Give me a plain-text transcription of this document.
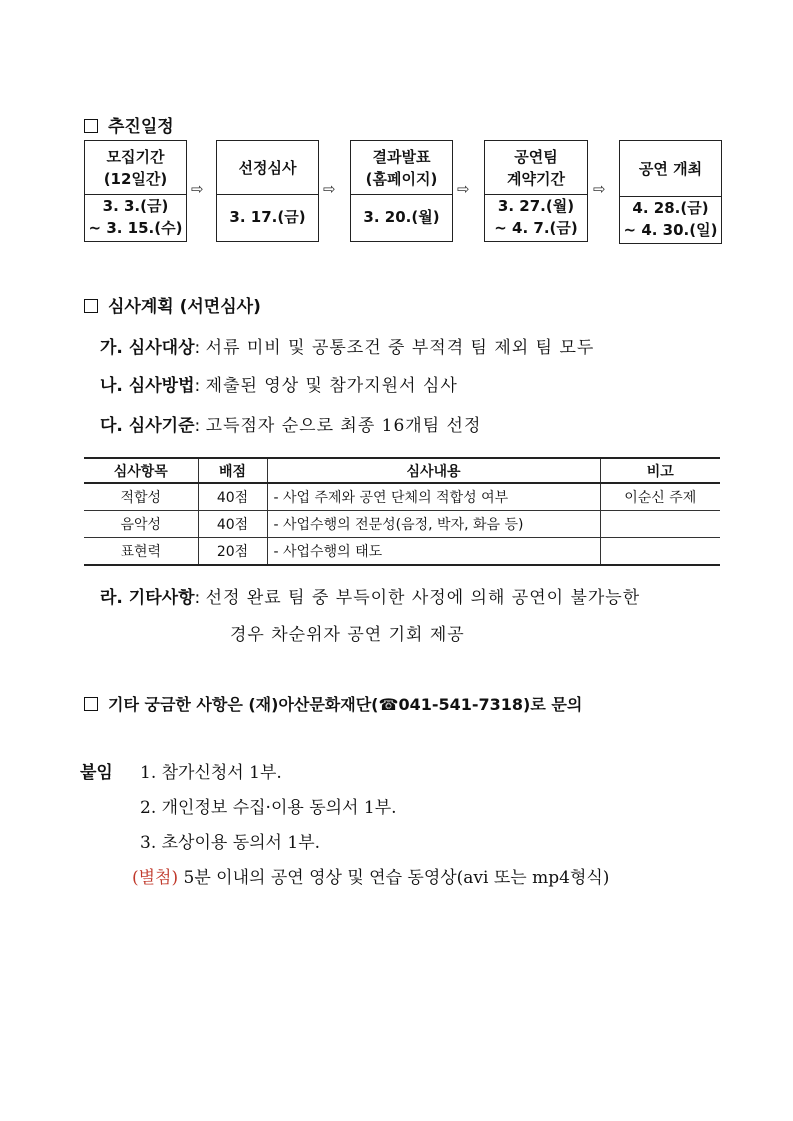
추진일정
모집기간
(12일간)
3. 3.(금)
~ 3. 15.(수)
⇨
선정심사
3. 17.(금)
⇨
결과발표
(홈페이지)
3. 20.(월)
⇨
공연팀
계약기간
3. 27.(월)
~ 4. 7.(금)
⇨
공연 개최
4. 28.(금)
~ 4. 30.(일)
심사계획 (서면심사)
가. 심사대상: 서류 미비 및 공통조건 중 부적격 팀 제외 팀 모두
나. 심사방법: 제출된 영상 및 참가지원서 심사
다. 심사기준: 고득점자 순으로 최종 16개팀 선정
심사항목	배점	심사내용	비고
적합성	40점	- 사업 주제와 공연 단체의 적합성 여부	이순신 주제
음악성	40점	- 사업수행의 전문성(음정, 박자, 화음 등)	
표현력	20점	- 사업수행의 태도	
라. 기타사항: 선정 완료 팀 중 부득이한 사정에 의해 공연이 불가능한
경우 차순위자 공연 기회 제공
기타 궁금한 사항은 (재)아산문화재단(☎041-541-7318)로 문의
붙임 1. 참가신청서 1부.
2. 개인정보 수집·이용 동의서 1부.
3. 초상이용 동의서 1부.
(별첨) 5분 이내의 공연 영상 및 연습 동영상(avi 또는 mp4형식)
